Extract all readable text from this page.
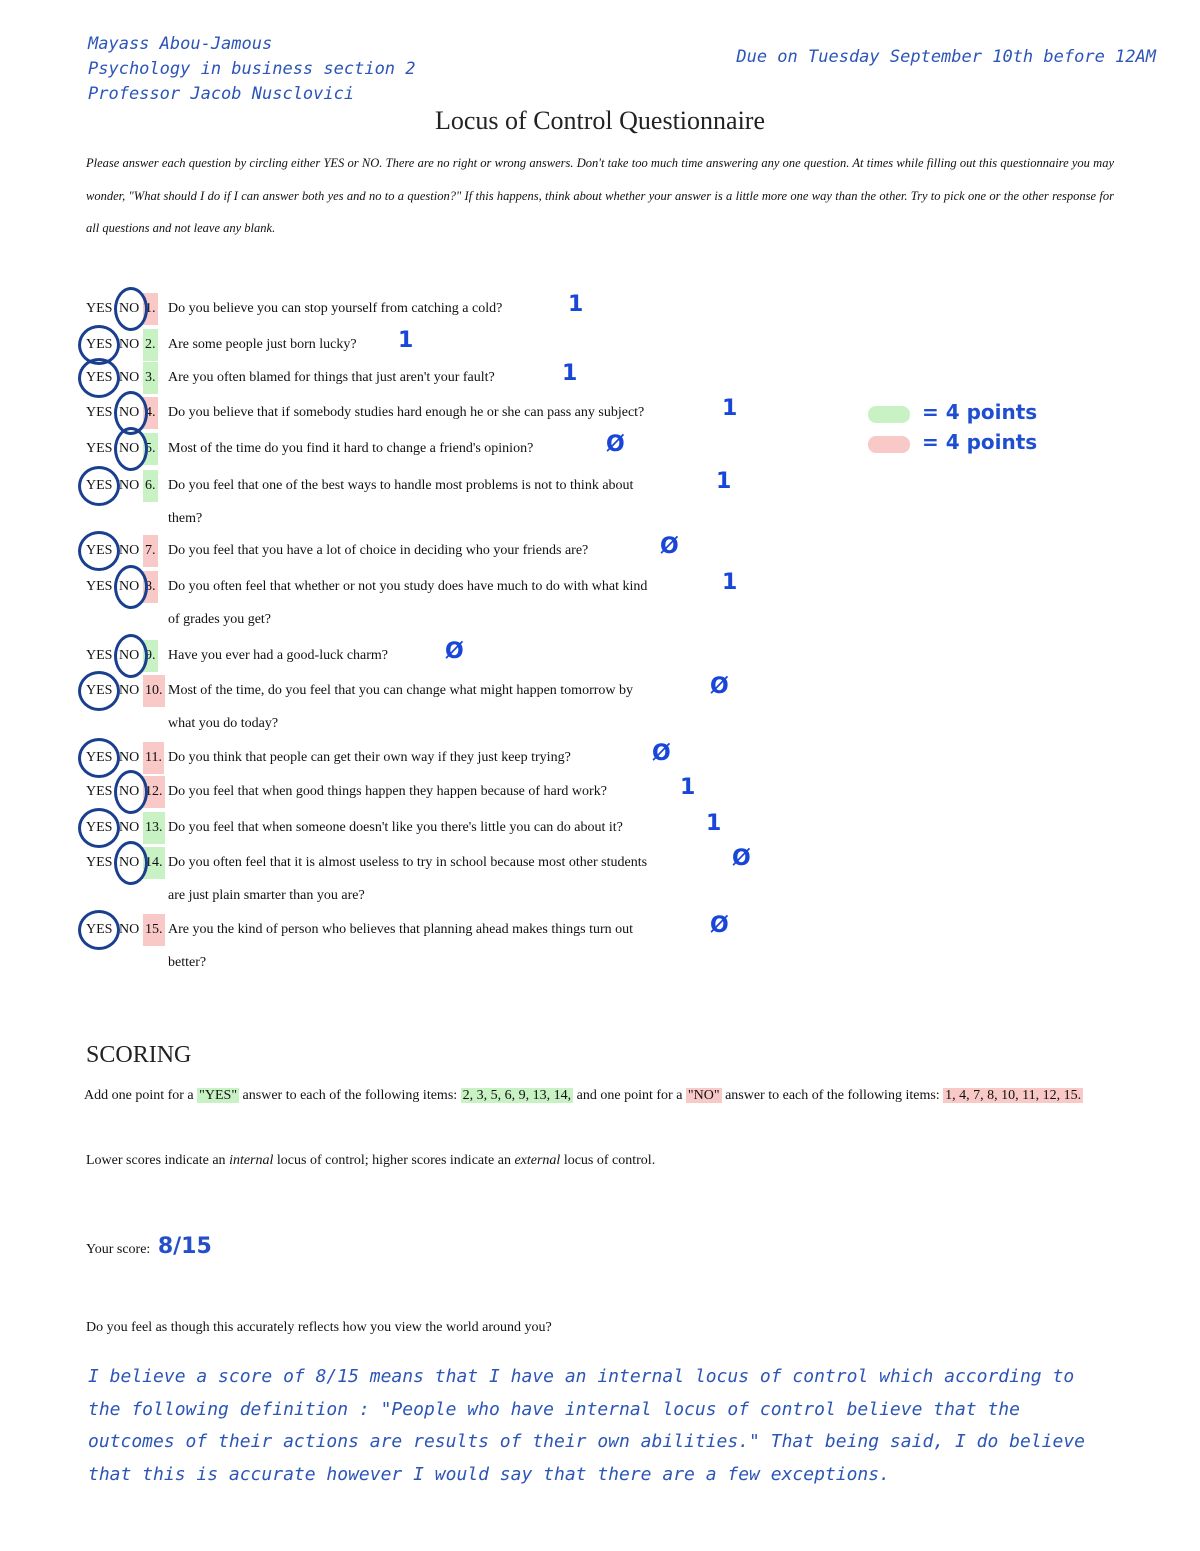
Mayass Abou-Jamous
Psychology in business section 2
Professor Jacob Nusclovici
Due on Tuesday September 10th before 12AM
Locus of Control Questionnaire
Please answer each question by circling either YES or NO. There are no right or wrong answers. Don't take too much time answering any one question. At times while filling out this questionnaire you may wonder, "What should I do if I can answer both yes and no to a question?" If this happens, think about whether your answer is a little more one way than the other. Try to pick one or the other response for all questions and not leave any blank.
YES NO 1. Do you believe you can stop yourself from catching a cold?
YES NO 2. Are some people just born lucky?
YES NO 3. Are you often blamed for things that just aren't your fault?
YES NO 4. Do you believe that if somebody studies hard enough he or she can pass any subject?
YES NO 5. Most of the time do you find it hard to change a friend's opinion?
YES NO 6. Do you feel that one of the best ways to handle most problems is not to think about
them?
YES NO 7. Do you feel that you have a lot of choice in deciding who your friends are?
YES NO 8. Do you often feel that whether or not you study does have much to do with what kind
of grades you get?
YES NO 9. Have you ever had a good-luck charm?
YES NO 10. Most of the time, do you feel that you can change what might happen tomorrow by
what you do today?
YES NO 11. Do you think that people can get their own way if they just keep trying?
YES NO 12. Do you feel that when good things happen they happen because of hard work?
YES NO 13. Do you feel that when someone doesn't like you there's little you can do about it?
YES NO 14. Do you often feel that it is almost useless to try in school because most other students
are just plain smarter than you are?
YES NO 15. Are you the kind of person who believes that planning ahead makes things turn out
better?
= 4 points
= 4 points
SCORING
Add one point for a "YES" answer to each of the following items: 2, 3, 5, 6, 9, 13, 14, and one point for a "NO" answer to each of the following items: 1, 4, 7, 8, 10, 11, 12, 15.
Lower scores indicate an internal locus of control; higher scores indicate an external locus of control.
Your score: 8/15
Do you feel as though this accurately reflects how you view the world around you?
I believe a score of 8/15 means that I have an internal locus of control which according to the following definition : "People who have internal locus of control believe that the outcomes of their actions are results of their own abilities." That being said, I do believe that this is accurate however I would say that there are a few exceptions.
1
1
1
1
Ø
1
Ø
1
Ø
Ø
Ø
1
1
Ø
Ø
